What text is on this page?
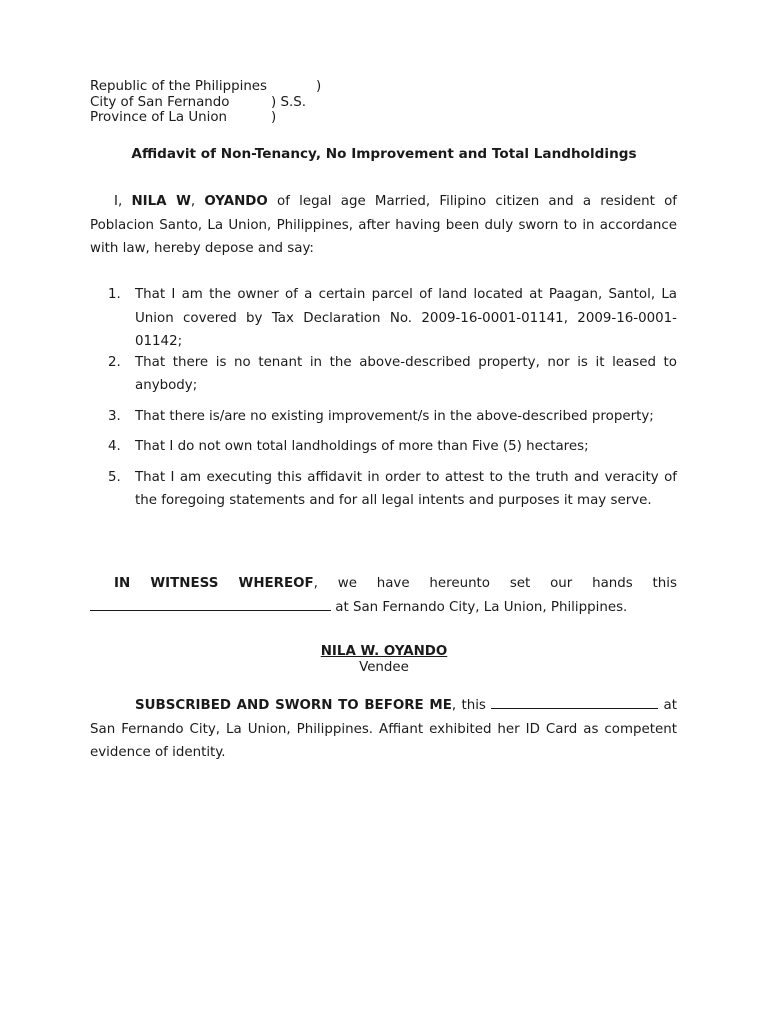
Republic of the Philippines	)
City of San Fernando	) S.S.
Province of La Union	)
Affidavit of Non-Tenancy, No Improvement and Total Landholdings

I, NILA W, OYANDO of legal age Married, Filipino citizen and a resident of Poblacion Santo, La Union, Philippines, after having been duly sworn to in accordance with law, hereby depose and say:

1. That I am the owner of a certain parcel of land located at Paagan, Santol, La Union covered by Tax Declaration No. 2009-16-0001-01141, 2009-16-0001-01142;
2. That there is no tenant in the above-described property, nor is it leased to anybody;
3. That there is/are no existing improvement/s in the above-described property;
4. That I do not own total landholdings of more than Five (5) hectares;
5. That I am executing this affidavit in order to attest to the truth and veracity of the foregoing statements and for all legal intents and purposes it may serve.

IN WITNESS WHEREOF, we have hereunto set our hands this  at San Fernando City, La Union, Philippines.

NILA W. OYANDO
Vendee

SUBSCRIBED AND SWORN TO BEFORE ME, this	at San Fernando City, La Union, Philippines. Affiant exhibited her ID Card as competent evidence of identity.
